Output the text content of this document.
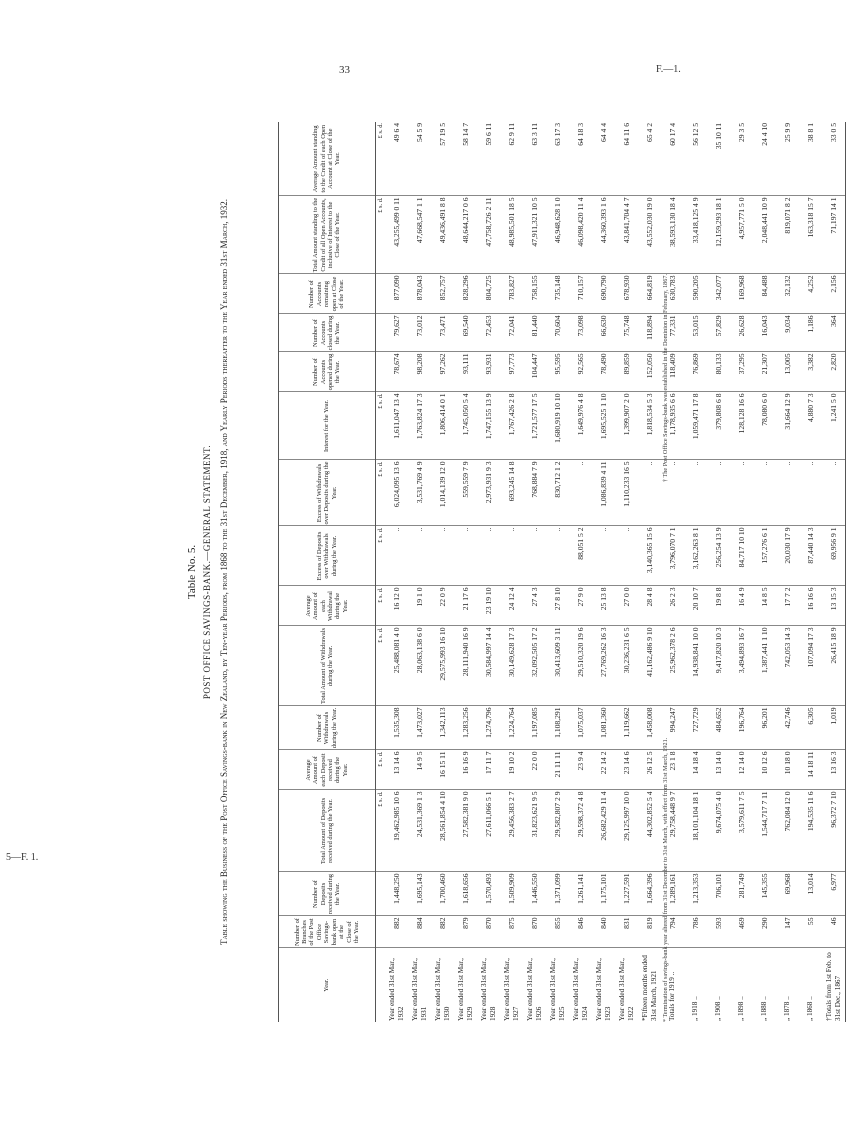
5—F. 1.
33	F.—1.
Table No. 5. POST OFFICE SAVINGS-BANK.—GENERAL STATEMENT. Table showing the Business of the Post Office Savings-bank in New Zealand, by Ten-year Periods, from 1868 to the 31st December, 1918, and Yearly Periods thereafter to the Year ended 31st March, 1932.
Year.	Number of Branches of the Post Office Savings-bank open at the Close of the Year.	Number of Deposits received during the Year.	Total Amount of Deposits received during the Year.	Average Amount of each Deposit received during the Year.	Number of Withdrawals during the Year.	Total Amount of Withdrawals during the Year.	Average Amount of each Withdrawal during the Year.	Excess of Deposits over Withdrawals during the Year.	Excess of Withdrawals over Deposits during the Year.	Interest for the Year.	Number of Accounts opened during the Year.	Number of Accounts closed during the Year.	Number of Accounts remaining open at Close of the Year.	Total Amount standing to the Credit of all Open Accounts, inclusive of Interest to the Close of the Year.	Average Amount standing to the Credit of each Open Account at Close of the Year.
			£ s. d.	£ s. d.		£ s. d.	£ s. d.	£ s. d.	£ s. d.	£ s. d.				£ s. d.	£ s. d.
Year ended 31st Mar., 1932	882	1,448,250	19,462,985 10 6	13 14 6	1,535,308	25,488,081 4 0	16 12 0	..	6,024,095 13 6	1,611,047 13 4	78,674	79,627	877,090	43,255,499 0 11	49 6 4
Year ended 31st Mar., 1931	884	1,695,143	24,531,369 1 3	14 9 5	1,473,027	28,063,138 6 0	19 1 0	..	3,531,769 4 9	1,763,824 17 3	98,208	73,012	878,043	47,668,547 1 1	54 5 9
Year ended 31st Mar., 1930	882	1,700,460	28,561,854 4 10	16 15 11	1,342,113	29,575,993 16 10	22 0 9	..	1,014,139 12 0	1,806,414 0 1	97,262	73,471	852,757	49,436,491 8 8	57 19 5
Year ended 31st Mar., 1929	879	1,618,656	27,582,381 9 0	16 16 9	1,283,256	28,111,940 16 9	21 17 6	..	559,559 7 9	1,745,050 5 4	93,111	69,540	828,296	48,644,217 0 6	58 14 7
Year ended 31st Mar., 1928	870	1,570,493	27,611,066 5 1	17 11 7	1,274,796	30,584,997 14 4	23 19 10	..	2,973,931 9 3	1,747,155 13 9	93,931	72,453	804,725	47,758,726 2 11	59 6 11
Year ended 31st Mar., 1927	875	1,509,909	29,456,383 2 7	19 10 2	1,224,764	30,149,628 17 3	24 12 4	..	693,245 14 8	1,767,426 2 8	97,773	72,041	783,827	48,985,501 18 5	62 9 11
Year ended 31st Mar., 1926	870	1,446,550	31,823,621 9 5	22 0 0	1,197,085	32,092,505 17 2	27 4 3	..	768,884 7 9	1,721,577 17 5	104,447	81,440	758,155	47,911,321 10 5	63 3 11
Year ended 31st Mar., 1925	855	1,371,099	29,582,807 2 9	21 11 11	1,108,291	30,413,609 3 11	27 8 10	..	830,712 1 2	1,680,919 10 10	95,595	70,604	735,148	46,948,628 1 0	63 17 3
Year ended 31st Mar., 1924	846	1,261,141	29,598,372 4 8	23 9 4	1,075,037	29,510,320 19 6	27 9 0	88,051 5 2	..	1,649,976 4 8	92,565	73,098	710,157	46,098,420 11 4	64 18 3
Year ended 31st Mar., 1923	840	1,175,101	26,682,429 11 4	22 14 2	1,081,360	27,769,262 16 3	25 13 8	..	1,086,839 4 11	1,695,525 1 10	78,490	66,630	690,790	44,360,393 1 6	64 4 4
Year ended 31st Mar., 1922	831	1,227,591	29,125,997 10 0	23 14 6	1,119,662	30,236,231 6 5	27 0 0	..	1,110,233 16 5	1,399,907 2 0	89,859	75,748	678,930	43,841,704 4 7	64 11 6
*Fifteen months ended 31st March, 1921	819	1,664,396	44,302,852 5 4	26 12 5	1,458,008	41,162,486 9 10	28 4 8	3,140,365 15 6	..	1,818,534 5 3	152,050	118,894	664,819	43,552,030 19 0	65 4 2
Totals for 1919 ..	794	1,289,161	29,758,448 9 7	23 1 8	994,247	25,962,378 2 6	26 2 3	3,796,070 7 1	..	1,178,935 6 6	118,409	77,331	630,783	38,593,130 18 4	60 17 4
„ 1918 ..	786	1,213,353	18,101,104 18 1	14 18 4	727,729	14,938,841 10 0	20 10 7	3,162,263 8 1	..	1,059,471 17 8	76,869	53,015	590,205	33,418,125 4 9	56 12 5
„ 1908 ..	593	706,101	9,674,075 4 0	13 14 0	484,652	9,417,820 10 3	19 8 8	256,254 13 9	..	379,808 6 8	80,133	57,829	342,077	12,159,293 18 1	35 10 11
„ 1898 ..	469	281,749	3,579,611 7 5	12 14 0	196,764	3,494,893 16 7	16 4 9	84,717 10 10	..	128,128 16 6	37,295	26,628	169,968	4,957,771 5 0	29 3 5
„ 1888 ..	290	145,355	1,544,717 7 11	10 12 6	96,201	1,387,441 1 10	14 8 5	157,276 6 1	..	78,080 6 0	21,307	16,043	84,488	2,048,441 10 9	24 4 10
„ 1878 ..	147	69,968	762,084 12 0	10 18 0	42,746	742,053 14 3	17 7 2	20,030 17 9	..	31,664 12 9	13,005	9,034	32,132	819,071 8 2	25 9 9
„ 1868 ..	55	13,014	194,535 11 6	14 18 11	6,305	107,094 17 3	16 16 6	87,440 14 3	..	4,880 7 3	3,382	1,186	4,252	163,318 15 7	38 8 1
†Totals from 1st Feb. to 31st Dec., 1867	46	6,977	96,372 7 10	13 16 3	1,019	26,415 18 9	13 15 3	69,956 9 1	..	1,241 5 0	2,820	364	2,156	71,197 14 1	33 0 5
* Termination of savings-bank year altered from 31st December to 31st March, with effect from 31st March, 1921.
† The Post Office Savings-bank was established in the Dominion in February, 1867.
